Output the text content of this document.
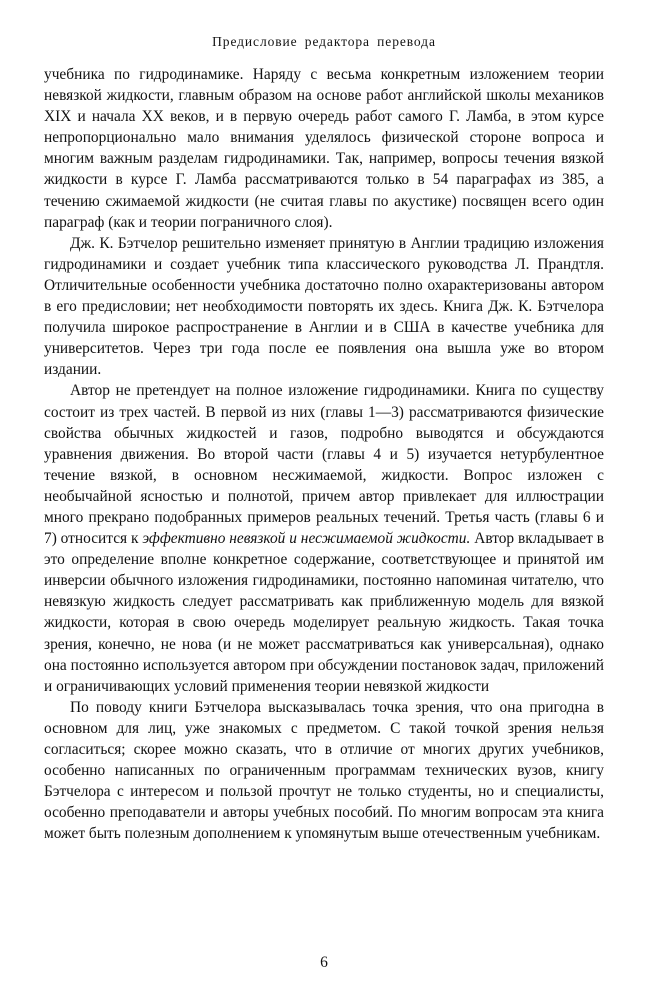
Предисловие редактора перевода

учебника по гидродинамике. Наряду с весьма конкретным изложением теории невязкой жидкости, главным образом на основе работ английской школы механиков XIX и начала XX веков, и в первую очередь работ самого Г. Ламба, в этом курсе непропорционально мало внимания уделялось физической стороне вопроса и многим важным разделам гидродинамики. Так, например, вопросы течения вязкой жидкости в курсе Г. Ламба рассматриваются только в 54 параграфах из 385, а течению сжимаемой жидкости (не считая главы по акустике) посвящен всего один параграф (как и теории пограничного слоя).

Дж. К. Бэтчелор решительно изменяет принятую в Англии традицию изложения гидродинамики и создает учебник типа классического руководства Л. Прандтля. Отличительные особенности учебника достаточно полно охарактеризованы автором в его предисловии; нет необходимости повторять их здесь. Книга Дж. К. Бэтчелора получила широкое распространение в Англии и в США в качестве учебника для университетов. Через три года после ее появления она вышла уже во втором издании.

Автор не претендует на полное изложение гидродинамики. Книга по существу состоит из трех частей. В первой из них (главы 1—3) рассматриваются физические свойства обычных жидкостей и газов, подробно выводятся и обсуждаются уравнения движения. Во второй части (главы 4 и 5) изучается нетурбулентное течение вязкой, в основном несжимаемой, жидкости. Вопрос изложен с необычайной ясностью и полнотой, причем автор привлекает для иллюстрации много прекрано подобранных примеров реальных течений. Третья часть (главы 6 и 7) относится к эффективно невязкой и несжимаемой жидкости. Автор вкладывает в это определение вполне конкретное содержание, соответствующее и принятой им инверсии обычного изложения гидродинамики, постоянно напоминая читателю, что невязкую жидкость следует рассматривать как приближенную модель для вязкой жидкости, которая в свою очередь моделирует реальную жидкость. Такая точка зрения, конечно, не нова (и не может рассматриваться как универсальная), однако она постоянно используется автором при обсуждении постановок задач, приложений и ограничивающих условий применения теории невязкой жидкости

По поводу книги Бэтчелора высказывалась точка зрения, что она пригодна в основном для лиц, уже знакомых с предметом. С такой точкой зрения нельзя согласиться; скорее можно сказать, что в отличие от многих других учебников, особенно написанных по ограниченным программам технических вузов, книгу Бэтчелора с интересом и пользой прочтут не только студенты, но и специалисты, особенно преподаватели и авторы учебных пособий. По многим вопросам эта книга может быть полезным дополнением к упомянутым выше отечественным учебникам.

6
